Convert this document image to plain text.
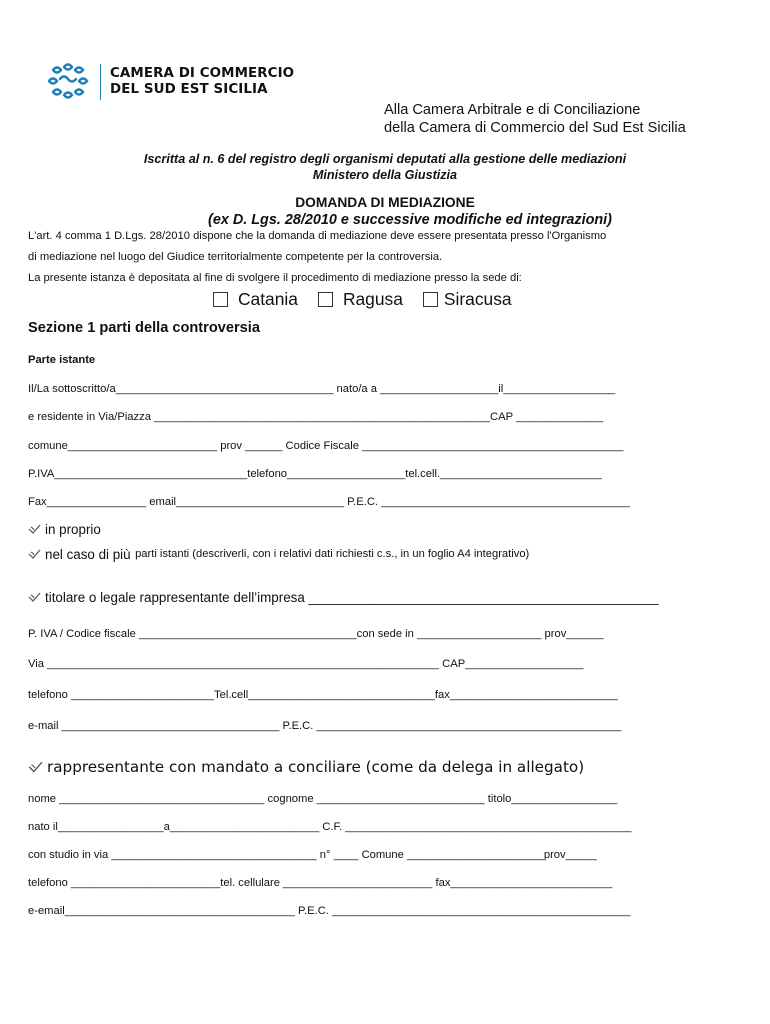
CAMERA DI COMMERCIO
DEL SUD EST SICILIA
Alla Camera Arbitrale e di Conciliazione
della Camera di Commercio del Sud Est Sicilia
Iscritta al n. 6 del registro degli organismi deputati alla gestione delle mediazioni
Ministero della Giustizia
DOMANDA DI MEDIAZIONE
(ex D. Lgs. 28/2010 e successive modifiche ed integrazioni)
L'art. 4 comma 1 D.Lgs. 28/2010 dispone che la domanda di mediazione deve essere presentata presso l'Organismo
di mediazione nel luogo del Giudice territorialmente competente per la controversia.
La presente istanza è depositata al fine di svolgere il procedimento di mediazione presso la sede di:
Catania	Ragusa Siracusa
Sezione 1 parti della controversia
Parte istante
Il/La sottoscritto/a___________________________________ nato/a a ___________________il__________________
e residente in Via/Piazza ______________________________________________________CAP ______________
comune________________________ prov ______ Codice Fiscale __________________________________________
P.IVA_______________________________telefono___________________tel.cell.__________________________
Fax________________ email___________________________ P.E.C. ________________________________________
in proprio
nel caso di più
parti istanti (descriverli, con i relativi dati richiesti c.s., in un foglio A4 integrativo)
titolare o legale rappresentante dell’impresa _______________________________________________
P. IVA / Codice fiscale ___________________________________con sede in ____________________ prov______
Via _______________________________________________________________ CAP___________________
telefono _______________________Tel.cell______________________________fax___________________________
e-mail ___________________________________ P.E.C. _________________________________________________
rappresentante con mandato a conciliare (come da delega in allegato)
nome _________________________________ cognome ___________________________ titolo_________________
nato il_________________a________________________ C.F. ______________________________________________
con studio in via _________________________________ n° ____ Comune ______________________prov_____
telefono ________________________tel. cellulare ________________________ fax__________________________
e-email_____________________________________ P.E.C. ________________________________________________
